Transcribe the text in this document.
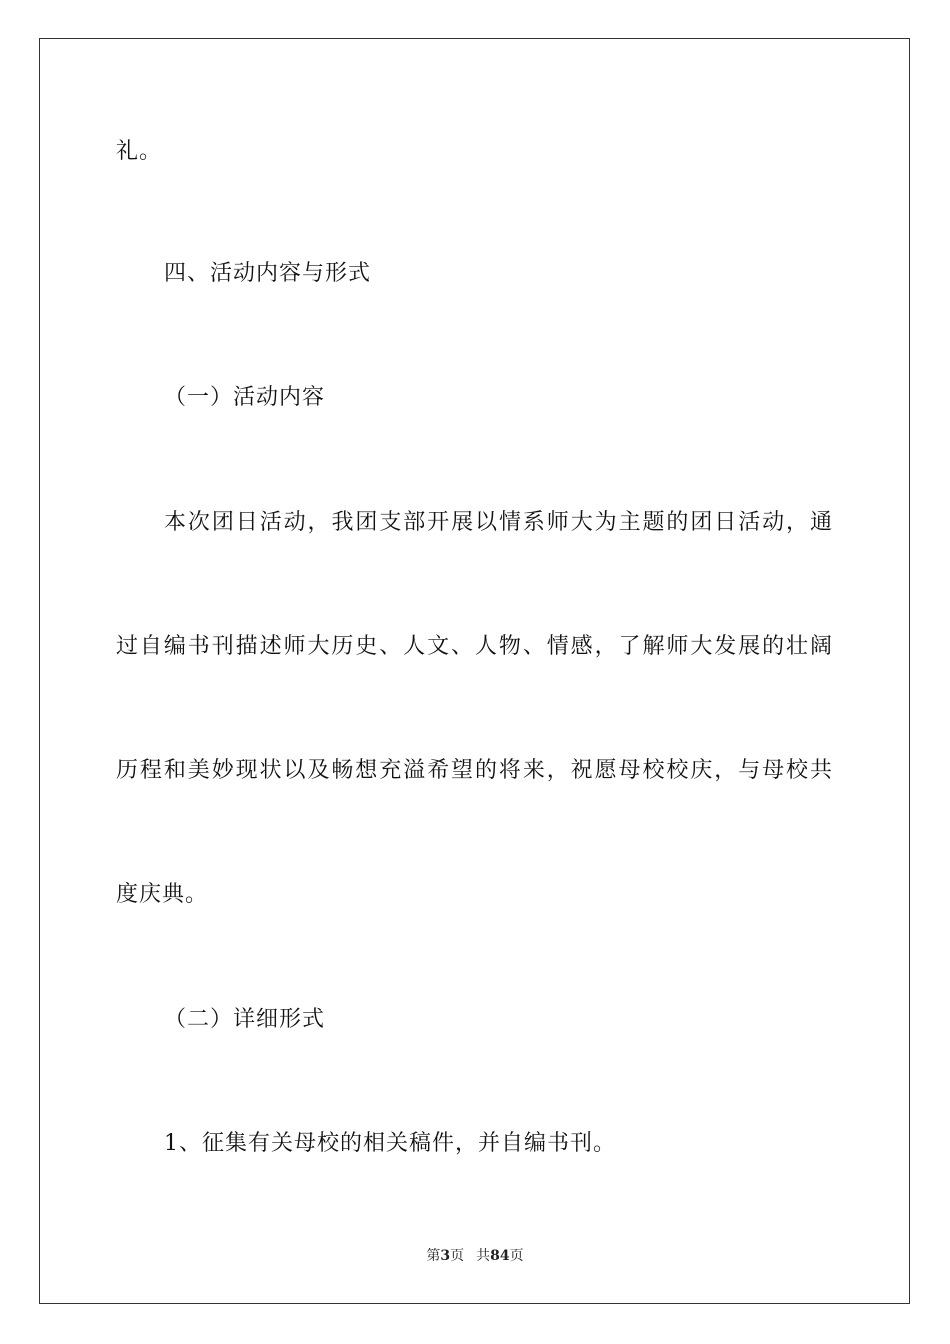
礼。
四、活动内容与形式
（一）活动内容
本次团日活动，我团支部开展以情系师大为主题的团日活动，通
过自编书刊描述师大历史、人文、人物、情感，了解师大发展的壮阔
历程和美妙现状以及畅想充溢希望的将来，祝愿母校校庆，与母校共
度庆典。
（二）详细形式
1、征集有关母校的相关稿件，并自编书刊。
第3页 共84页
